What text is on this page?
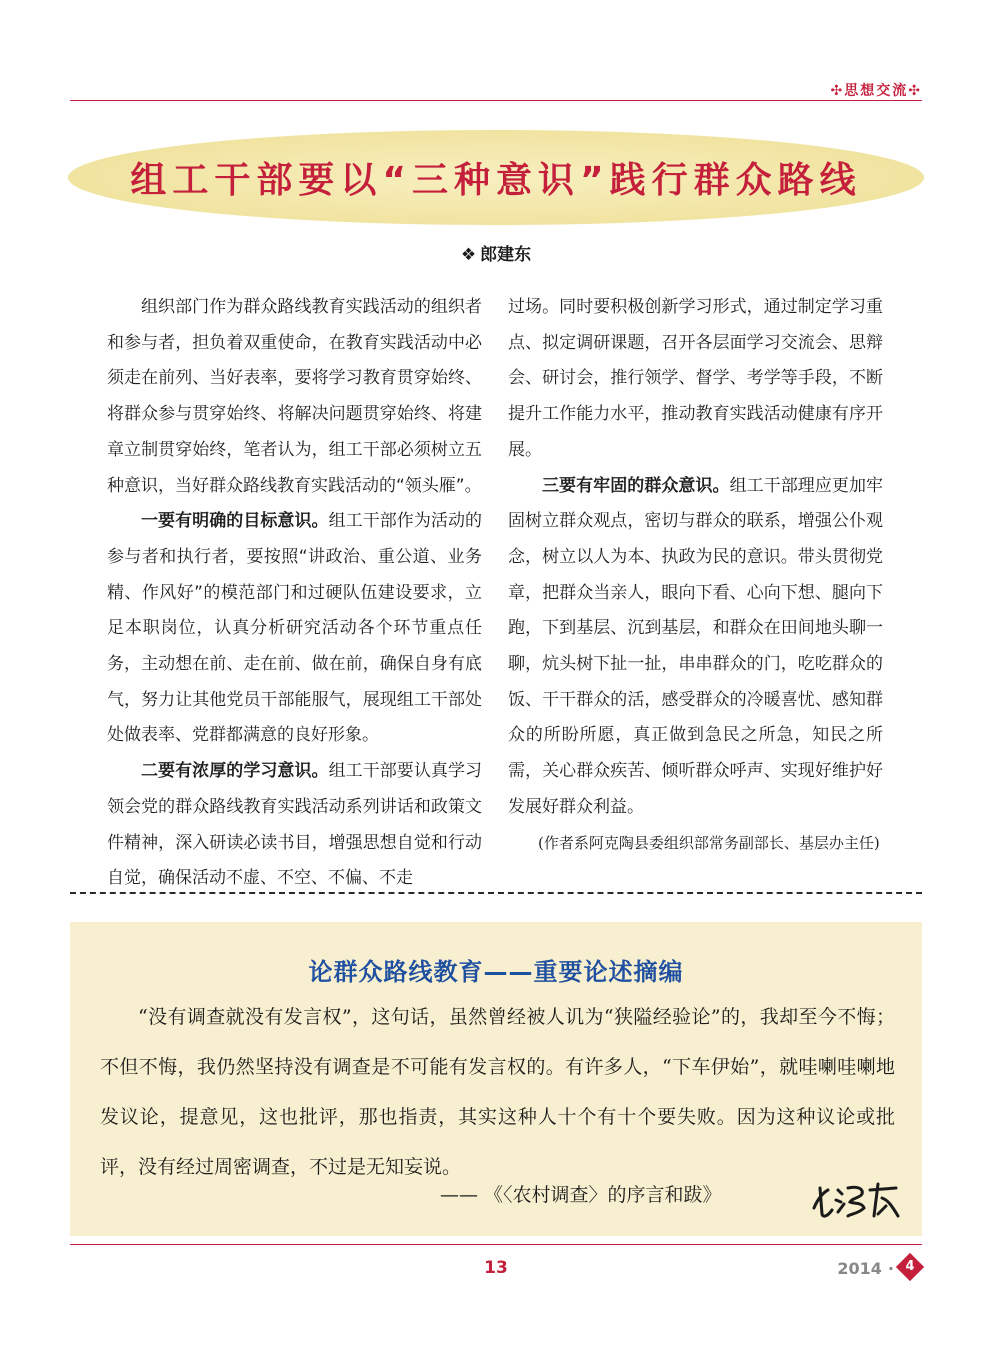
✣思想交流✣
组工干部要以“三种意识”践行群众路线
❖ 郎建东

组织部门作为群众路线教育实践活动的组织者和参与者，担负着双重使命，在教育实践活动中必须走在前列、当好表率，要将学习教育贯穿始终、将群众参与贯穿始终、将解决问题贯穿始终、将建章立制贯穿始终，笔者认为，组工干部必须树立五种意识，当好群众路线教育实践活动的“领头雁”。

一要有明确的目标意识。组工干部作为活动的参与者和执行者，要按照“讲政治、重公道、业务精、作风好”的模范部门和过硬队伍建设要求，立足本职岗位，认真分析研究活动各个环节重点任务，主动想在前、走在前、做在前，确保自身有底气，努力让其他党员干部能服气，展现组工干部处处做表率、党群都满意的良好形象。

二要有浓厚的学习意识。组工干部要认真学习领会党的群众路线教育实践活动系列讲话和政策文件精神，深入研读必读书目，增强思想自觉和行动自觉，确保活动不虚、不空、不偏、不走

过场。同时要积极创新学习形式，通过制定学习重点、拟定调研课题，召开各层面学习交流会、思辩会、研讨会，推行领学、督学、考学等手段，不断提升工作能力水平，推动教育实践活动健康有序开展。

三要有牢固的群众意识。组工干部理应更加牢固树立群众观点，密切与群众的联系，增强公仆观念，树立以人为本、执政为民的意识。带头贯彻党章，把群众当亲人，眼向下看、心向下想、腿向下跑，下到基层、沉到基层，和群众在田间地头聊一聊，炕头树下扯一扯，串串群众的门，吃吃群众的饭、干干群众的活，感受群众的冷暖喜忧、感知群众的所盼所愿，真正做到急民之所急，知民之所需，关心群众疾苦、倾听群众呼声、实现好维护好发展好群众利益。

(作者系阿克陶县委组织部常务副部长、基层办主任)

论群众路线教育——重要论述摘编

“没有调查就没有发言权”，这句话，虽然曾经被人讥为“狭隘经验论”的，我却至今不悔；不但不悔，我仍然坚持没有调查是不可能有发言权的。有许多人，“下车伊始”，就哇喇哇喇地发议论，提意见，这也批评，那也指责，其实这种人十个有十个要失败。因为这种议论或批评，没有经过周密调查，不过是无知妄说。

—— 《〈农村调查〉的序言和跋》
13	2014 · 4
